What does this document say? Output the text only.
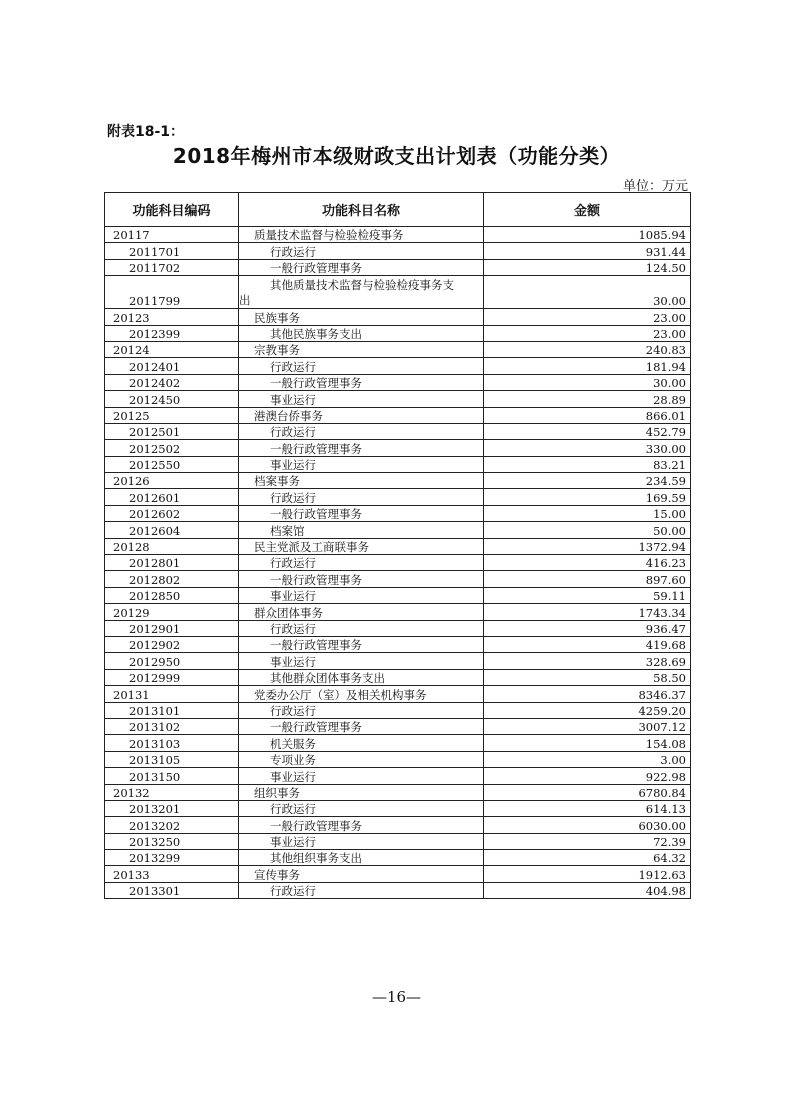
附表18-1：
2018年梅州市本级财政支出计划表（功能分类）
单位：万元
功能科目编码	功能科目名称	金额
20117	质量技术监督与检验检疫事务	1085.94
2011701	行政运行	931.44
2011702	一般行政管理事务	124.50
2011799	其他质量技术监督与检验检疫事务支
出	30.00
20123	民族事务	23.00
2012399	其他民族事务支出	23.00
20124	宗教事务	240.83
2012401	行政运行	181.94
2012402	一般行政管理事务	30.00
2012450	事业运行	28.89
20125	港澳台侨事务	866.01
2012501	行政运行	452.79
2012502	一般行政管理事务	330.00
2012550	事业运行	83.21
20126	档案事务	234.59
2012601	行政运行	169.59
2012602	一般行政管理事务	15.00
2012604	档案馆	50.00
20128	民主党派及工商联事务	1372.94
2012801	行政运行	416.23
2012802	一般行政管理事务	897.60
2012850	事业运行	59.11
20129	群众团体事务	1743.34
2012901	行政运行	936.47
2012902	一般行政管理事务	419.68
2012950	事业运行	328.69
2012999	其他群众团体事务支出	58.50
20131	党委办公厅（室）及相关机构事务	8346.37
2013101	行政运行	4259.20
2013102	一般行政管理事务	3007.12
2013103	机关服务	154.08
2013105	专项业务	3.00
2013150	事业运行	922.98
20132	组织事务	6780.84
2013201	行政运行	614.13
2013202	一般行政管理事务	6030.00
2013250	事业运行	72.39
2013299	其他组织事务支出	64.32
20133	宣传事务	1912.63
2013301	行政运行	404.98
—16—
